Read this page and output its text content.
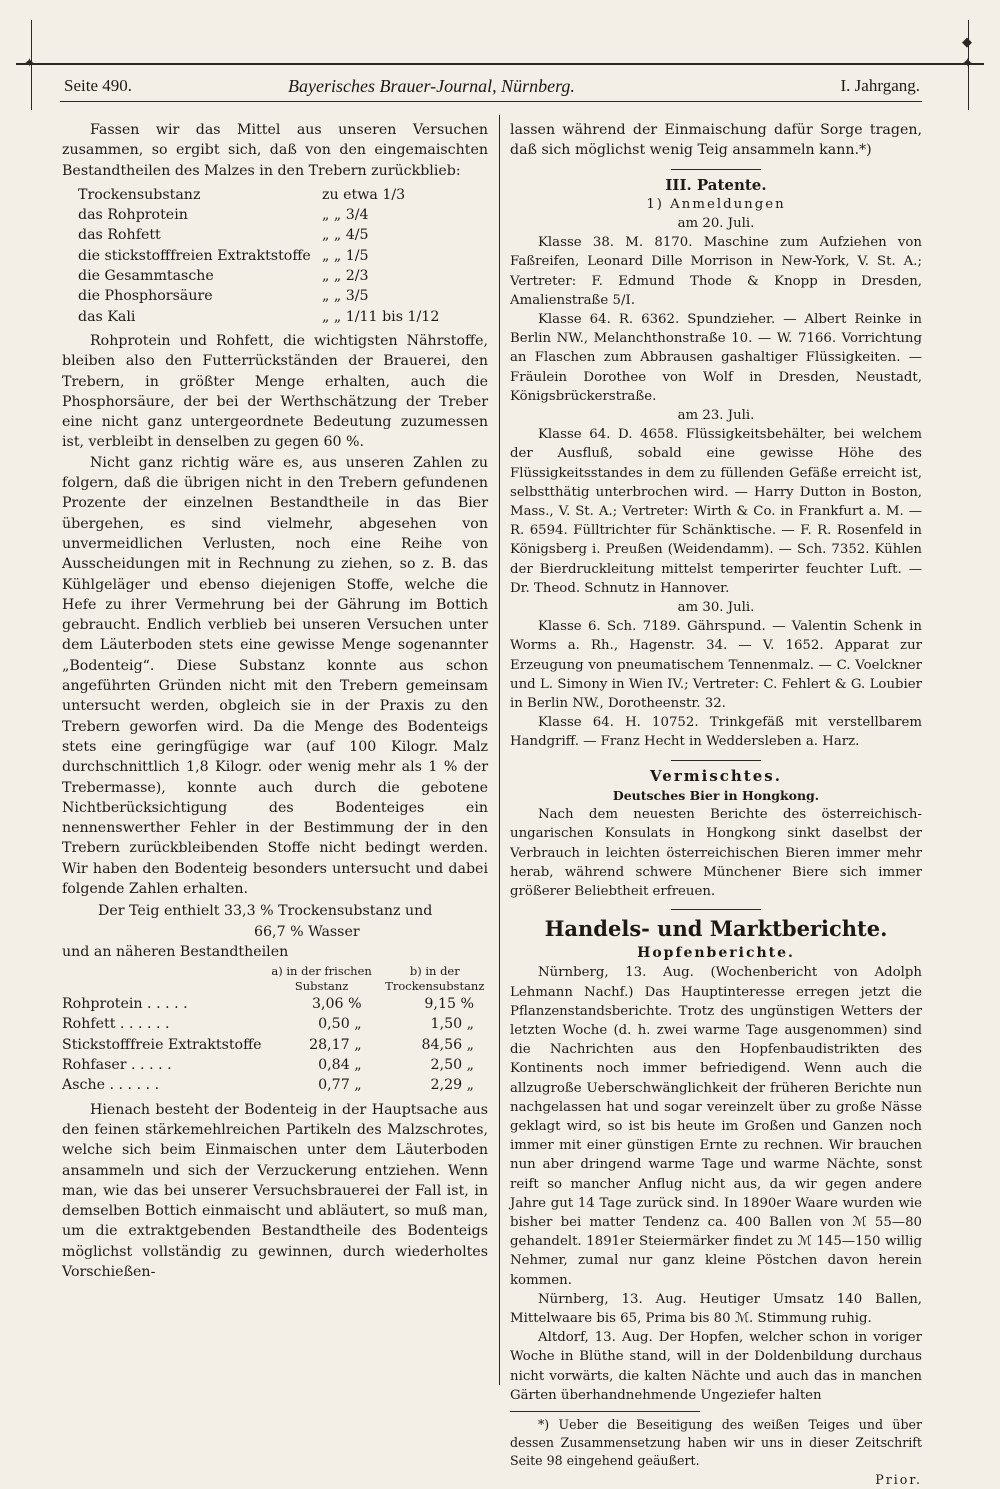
✦	✦
◆
Seite 490.	Bayerisches Brauer-Journal, Nürnberg.	I. Jahrgang.

Fassen wir das Mittel aus unseren Versuchen zusammen, so ergibt sich, daß von den eingemaischten Bestandtheilen des Malzes in den Trebern zurückblieb:

Trockensubstanz	zu etwa 1/3
das Rohprotein	„ „ 3/4
das Rohfett	„ „ 4/5
die stickstofffreien Extraktstoffe	„ „ 1/5
die Gesammtasche	„ „ 2/3
die Phosphorsäure	„ „ 3/5
das Kali	„ „ 1/11 bis 1/12

Rohprotein und Rohfett, die wichtigsten Nährstoffe, bleiben also den Futterrückständen der Brauerei, den Trebern, in größter Menge erhalten, auch die Phosphorsäure, der bei der Werthschätzung der Treber eine nicht ganz untergeordnete Bedeutung zuzumessen ist, verbleibt in denselben zu gegen 60 %.

Nicht ganz richtig wäre es, aus unseren Zahlen zu folgern, daß die übrigen nicht in den Trebern gefundenen Prozente der einzelnen Bestandtheile in das Bier übergehen, es sind vielmehr, abgesehen von unvermeidlichen Verlusten, noch eine Reihe von Ausscheidungen mit in Rechnung zu ziehen, so z. B. das Kühlgeläger und ebenso diejenigen Stoffe, welche die Hefe zu ihrer Vermehrung bei der Gährung im Bottich gebraucht. Endlich verblieb bei unseren Versuchen unter dem Läuterboden stets eine gewisse Menge sogenannter „Bodenteig“. Diese Substanz konnte aus schon angeführten Gründen nicht mit den Trebern gemeinsam untersucht werden, obgleich sie in der Praxis zu den Trebern geworfen wird. Da die Menge des Bodenteigs stets eine geringfügige war (auf 100 Kilogr. Malz durchschnittlich 1,8 Kilogr. oder wenig mehr als 1 % der Trebermasse), konnte auch durch die gebotene Nichtberücksichtigung des Bodenteiges ein nennenswerther Fehler in der Bestimmung der in den Trebern zurückbleibenden Stoffe nicht bedingt werden. Wir haben den Bodenteig besonders untersucht und dabei folgende Zahlen erhalten.

Der Teig enthielt 33,3 % Trockensubstanz und

66,7 % Wasser

und an näheren Bestandtheilen

	a) in der frischen Substanz	b) in der Trockensubstanz
Rohprotein . . . . .	3,06 %	9,15 %
Rohfett . . . . . .	0,50 „	1,50 „
Stickstofffreie Extraktstoffe	28,17 „	84,56 „
Rohfaser . . . . .	0,84 „	2,50 „
Asche . . . . . .	0,77 „	2,29 „

Hienach besteht der Bodenteig in der Hauptsache aus den feinen stärkemehlreichen Partikeln des Malzschrotes, welche sich beim Einmaischen unter dem Läuterboden ansammeln und sich der Verzuckerung entziehen. Wenn man, wie das bei unserer Versuchsbrauerei der Fall ist, in demselben Bottich einmaischt und abläutert, so muß man, um die extraktgebenden Bestandtheile des Bodenteigs möglichst vollständig zu gewinnen, durch wiederholtes Vorschießen-

lassen während der Einmaischung dafür Sorge tragen, daß sich möglichst wenig Teig ansammeln kann.*)

III. Patente.

1) Anmeldungen

am 20. Juli.

Klasse 38. M. 8170. Maschine zum Aufziehen von Faßreifen, Leonard Dille Morrison in New-York, V. St. A.; Vertreter: F. Edmund Thode & Knopp in Dresden, Amalienstraße 5/I.

Klasse 64. R. 6362. Spundzieher. — Albert Reinke in Berlin NW., Melanchthonstraße 10. — W. 7166. Vorrichtung an Flaschen zum Abbrausen gashaltiger Flüssigkeiten. — Fräulein Dorothee von Wolf in Dresden, Neustadt, Königsbrückerstraße.

am 23. Juli.

Klasse 64. D. 4658. Flüssigkeitsbehälter, bei welchem der Ausfluß, sobald eine gewisse Höhe des Flüssigkeitsstandes in dem zu füllenden Gefäße erreicht ist, selbstthätig unterbrochen wird. — Harry Dutton in Boston, Mass., V. St. A.; Vertreter: Wirth & Co. in Frankfurt a. M. — R. 6594. Fülltrichter für Schänktische. — F. R. Rosenfeld in Königsberg i. Preußen (Weidendamm). — Sch. 7352. Kühlen der Bierdruckleitung mittelst temperirter feuchter Luft. — Dr. Theod. Schnutz in Hannover.

am 30. Juli.

Klasse 6. Sch. 7189. Gährspund. — Valentin Schenk in Worms a. Rh., Hagenstr. 34. — V. 1652. Apparat zur Erzeugung von pneumatischem Tennenmalz. — C. Voelckner und L. Simony in Wien IV.; Vertreter: C. Fehlert & G. Loubier in Berlin NW., Dorotheenstr. 32.

Klasse 64. H. 10752. Trinkgefäß mit verstellbarem Handgriff. — Franz Hecht in Weddersleben a. Harz.

Vermischtes.

Deutsches Bier in Hongkong.

Nach dem neuesten Berichte des österreichisch-ungarischen Konsulats in Hongkong sinkt daselbst der Verbrauch in leichten österreichischen Bieren immer mehr herab, während schwere Münchener Biere sich immer größerer Beliebtheit erfreuen.

Handels- und Marktberichte.

Hopfenberichte.

Nürnberg, 13. Aug. (Wochenbericht von Adolph Lehmann Nachf.) Das Hauptinteresse erregen jetzt die Pflanzenstandsberichte. Trotz des ungünstigen Wetters der letzten Woche (d. h. zwei warme Tage ausgenommen) sind die Nachrichten aus den Hopfenbaudistrikten des Kontinents noch immer befriedigend. Wenn auch die allzugroße Ueberschwänglichkeit der früheren Berichte nun nachgelassen hat und sogar vereinzelt über zu große Nässe geklagt wird, so ist bis heute im Großen und Ganzen noch immer mit einer günstigen Ernte zu rechnen. Wir brauchen nun aber dringend warme Tage und warme Nächte, sonst reift so mancher Anflug nicht aus, da wir gegen andere Jahre gut 14 Tage zurück sind. In 1890er Waare wurden wie bisher bei matter Tendenz ca. 400 Ballen von ℳ 55—80 gehandelt. 1891er Steiermärker findet zu ℳ 145—150 willig Nehmer, zumal nur ganz kleine Pöstchen davon herein kommen.

Nürnberg, 13. Aug. Heutiger Umsatz 140 Ballen, Mittelwaare bis 65, Prima bis 80 ℳ. Stimmung ruhig.

Altdorf, 13. Aug. Der Hopfen, welcher schon in voriger Woche in Blüthe stand, will in der Doldenbildung durchaus nicht vorwärts, die kalten Nächte und auch das in manchen Gärten überhandnehmende Ungeziefer halten

*) Ueber die Beseitigung des weißen Teiges und über dessen Zusammensetzung haben wir uns in dieser Zeitschrift Seite 98 eingehend geäußert.

Prior.
